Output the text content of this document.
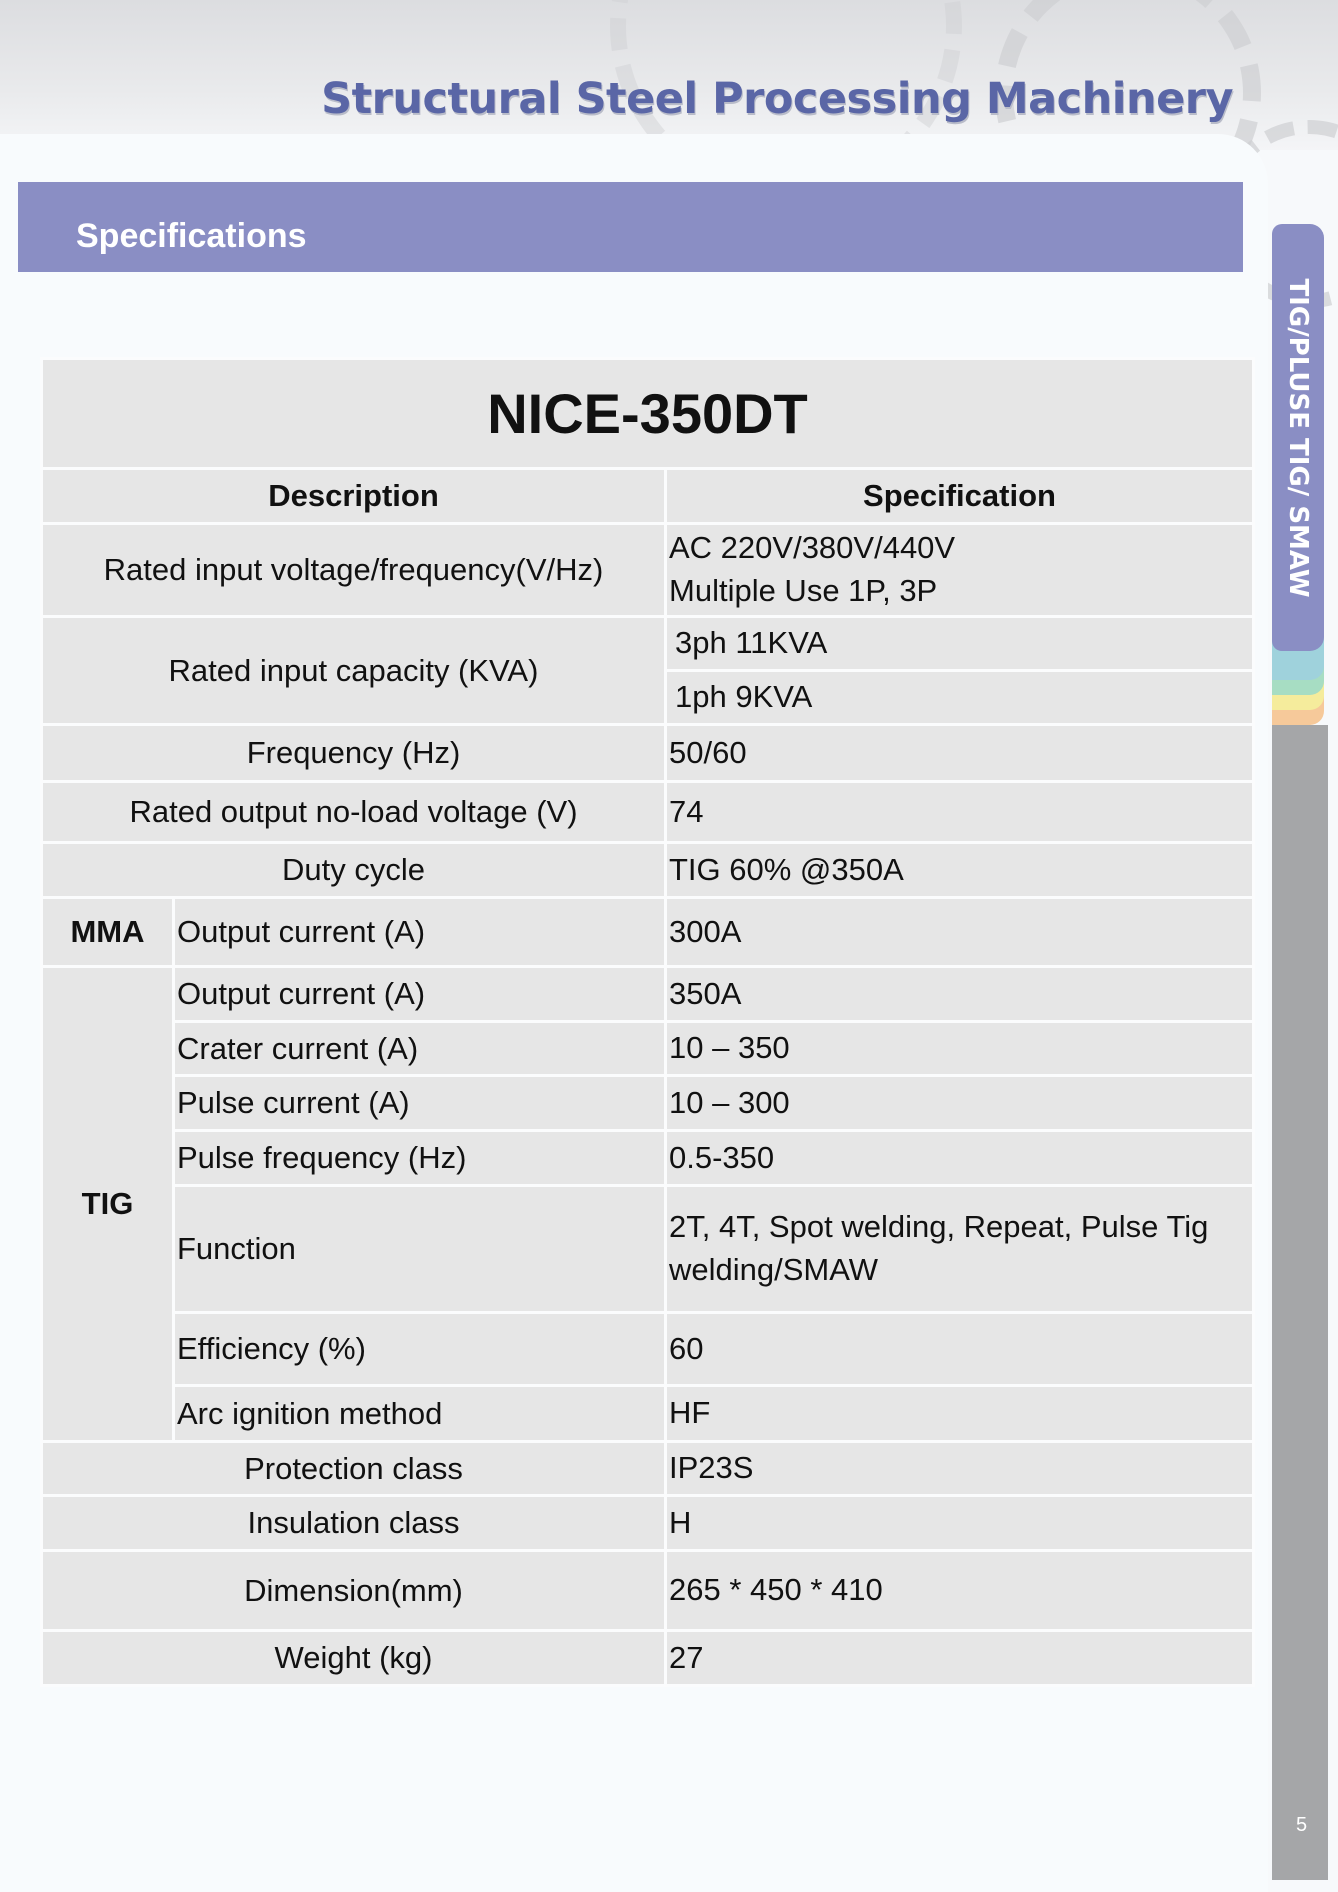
Structural Steel Processing Machinery
Specifications
TIG/PLUSE TIG/ SMAW
5
NICE-350DT		
Description		Specification
Rated input voltage/frequency(V/Hz)		AC 220V/380V/440V
Multiple Use 1P, 3P

Rated input capacity (KVA)		3ph 11KVA
		1ph 9KVA
Frequency (Hz)		50/60
Rated output no-load voltage (V)		74
Duty cycle		TIG 60% @350A
MMA	Output current (A)	300A
TIG	Output current (A)	350A
	Crater current (A)	10 – 350
	Pulse current (A)	10 – 300
	Pulse frequency (Hz)	0.5-350
	Function	2T, 4T, Spot welding, Repeat, Pulse Tig
welding/SMAW

	Efficiency (%)	60
	Arc ignition method	HF
Protection class		IP23S
Insulation class		H
Dimension(mm)		265 * 450 * 410
Weight (kg)		27
